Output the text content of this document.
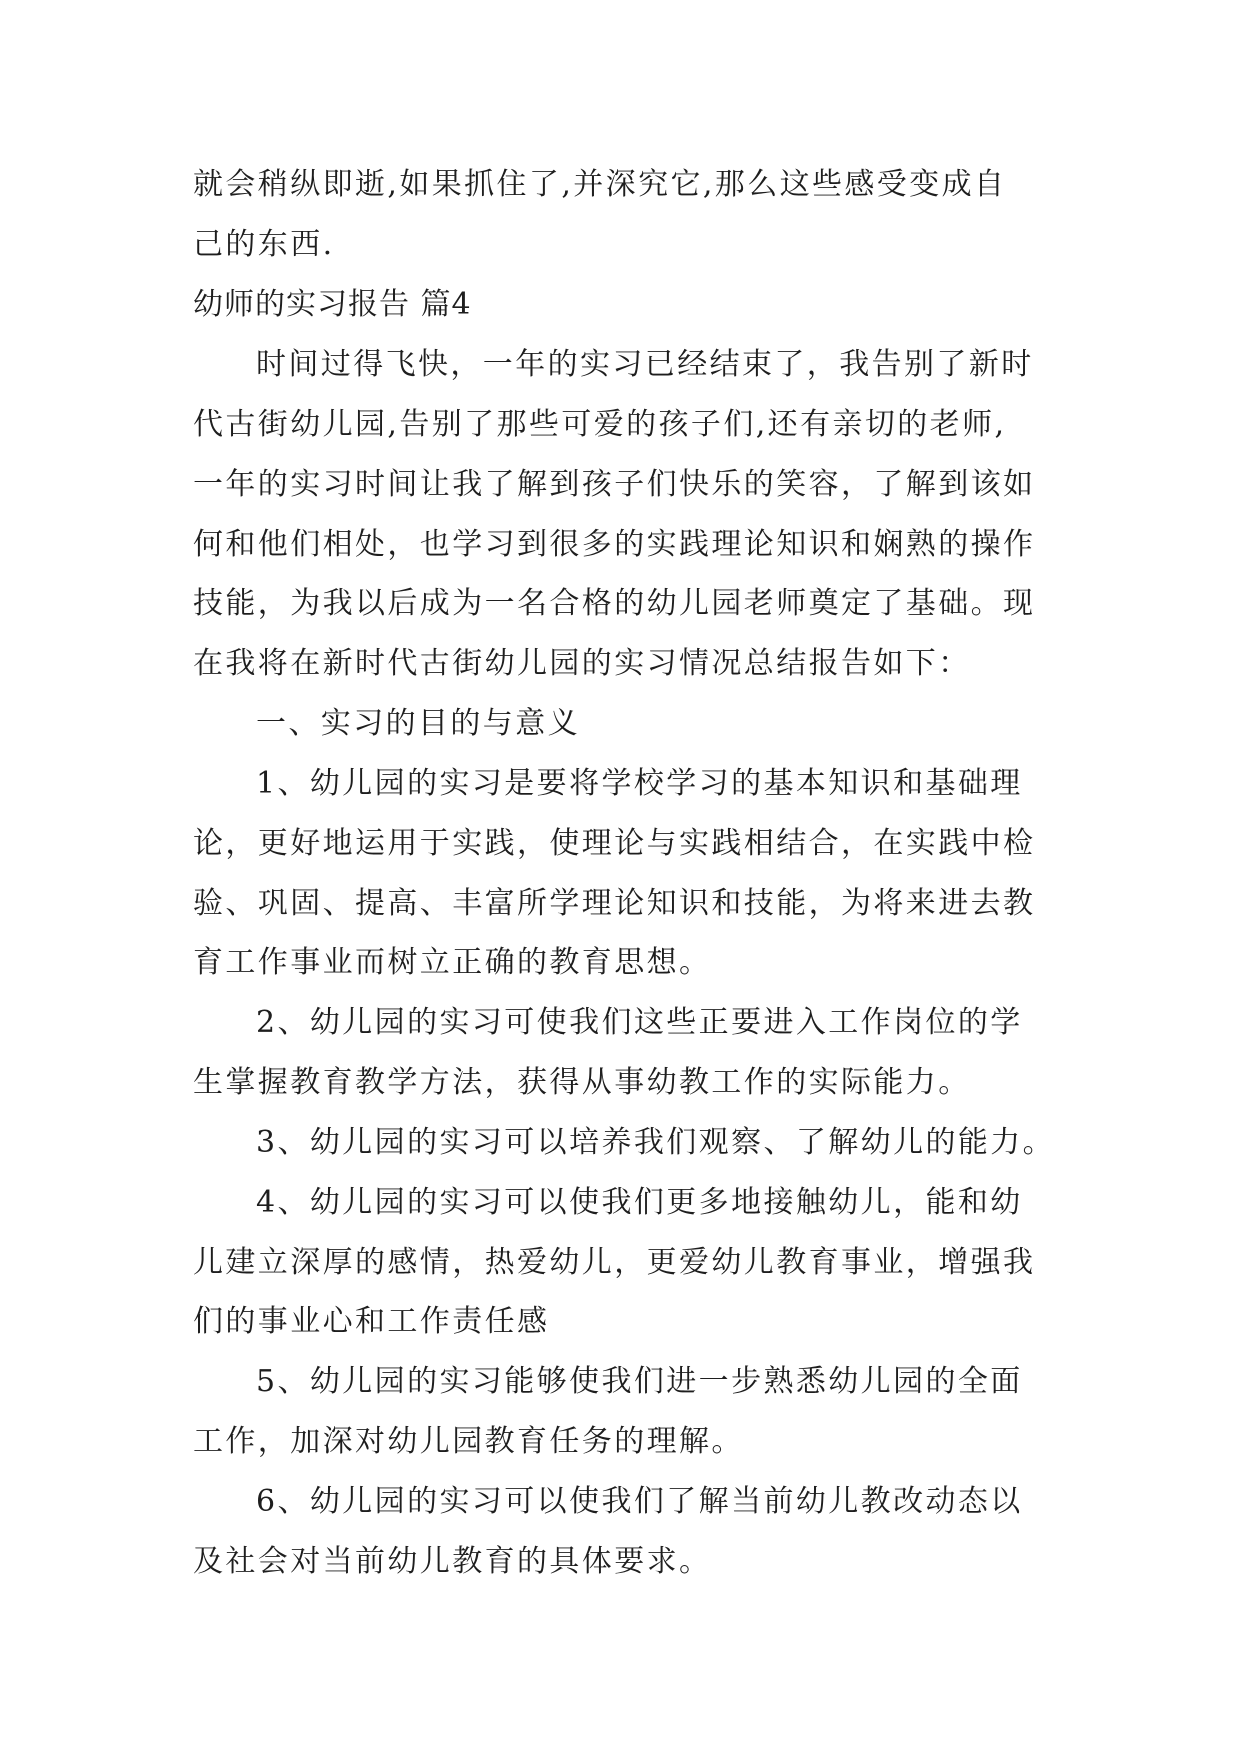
就会稍纵即逝,如果抓住了,并深究它,那么这些感受变成自
己的东西.
幼师的实习报告 篇4
时间过得飞快，一年的实习已经结束了，我告别了新时
代古街幼儿园,告别了那些可爱的孩子们,还有亲切的老师,
一年的实习时间让我了解到孩子们快乐的笑容，了解到该如
何和他们相处，也学习到很多的实践理论知识和娴熟的操作
技能，为我以后成为一名合格的幼儿园老师奠定了基础。现
在我将在新时代古街幼儿园的实习情况总结报告如下：
一、实习的目的与意义
1、幼儿园的实习是要将学校学习的基本知识和基础理
论，更好地运用于实践，使理论与实践相结合，在实践中检
验、巩固、提高、丰富所学理论知识和技能，为将来进去教
育工作事业而树立正确的教育思想。
2、幼儿园的实习可使我们这些正要进入工作岗位的学
生掌握教育教学方法，获得从事幼教工作的实际能力。
3、幼儿园的实习可以培养我们观察、了解幼儿的能力。
4、幼儿园的实习可以使我们更多地接触幼儿，能和幼
儿建立深厚的感情，热爱幼儿，更爱幼儿教育事业，增强我
们的事业心和工作责任感
5、幼儿园的实习能够使我们进一步熟悉幼儿园的全面
工作，加深对幼儿园教育任务的理解。
6、幼儿园的实习可以使我们了解当前幼儿教改动态以
及社会对当前幼儿教育的具体要求。
